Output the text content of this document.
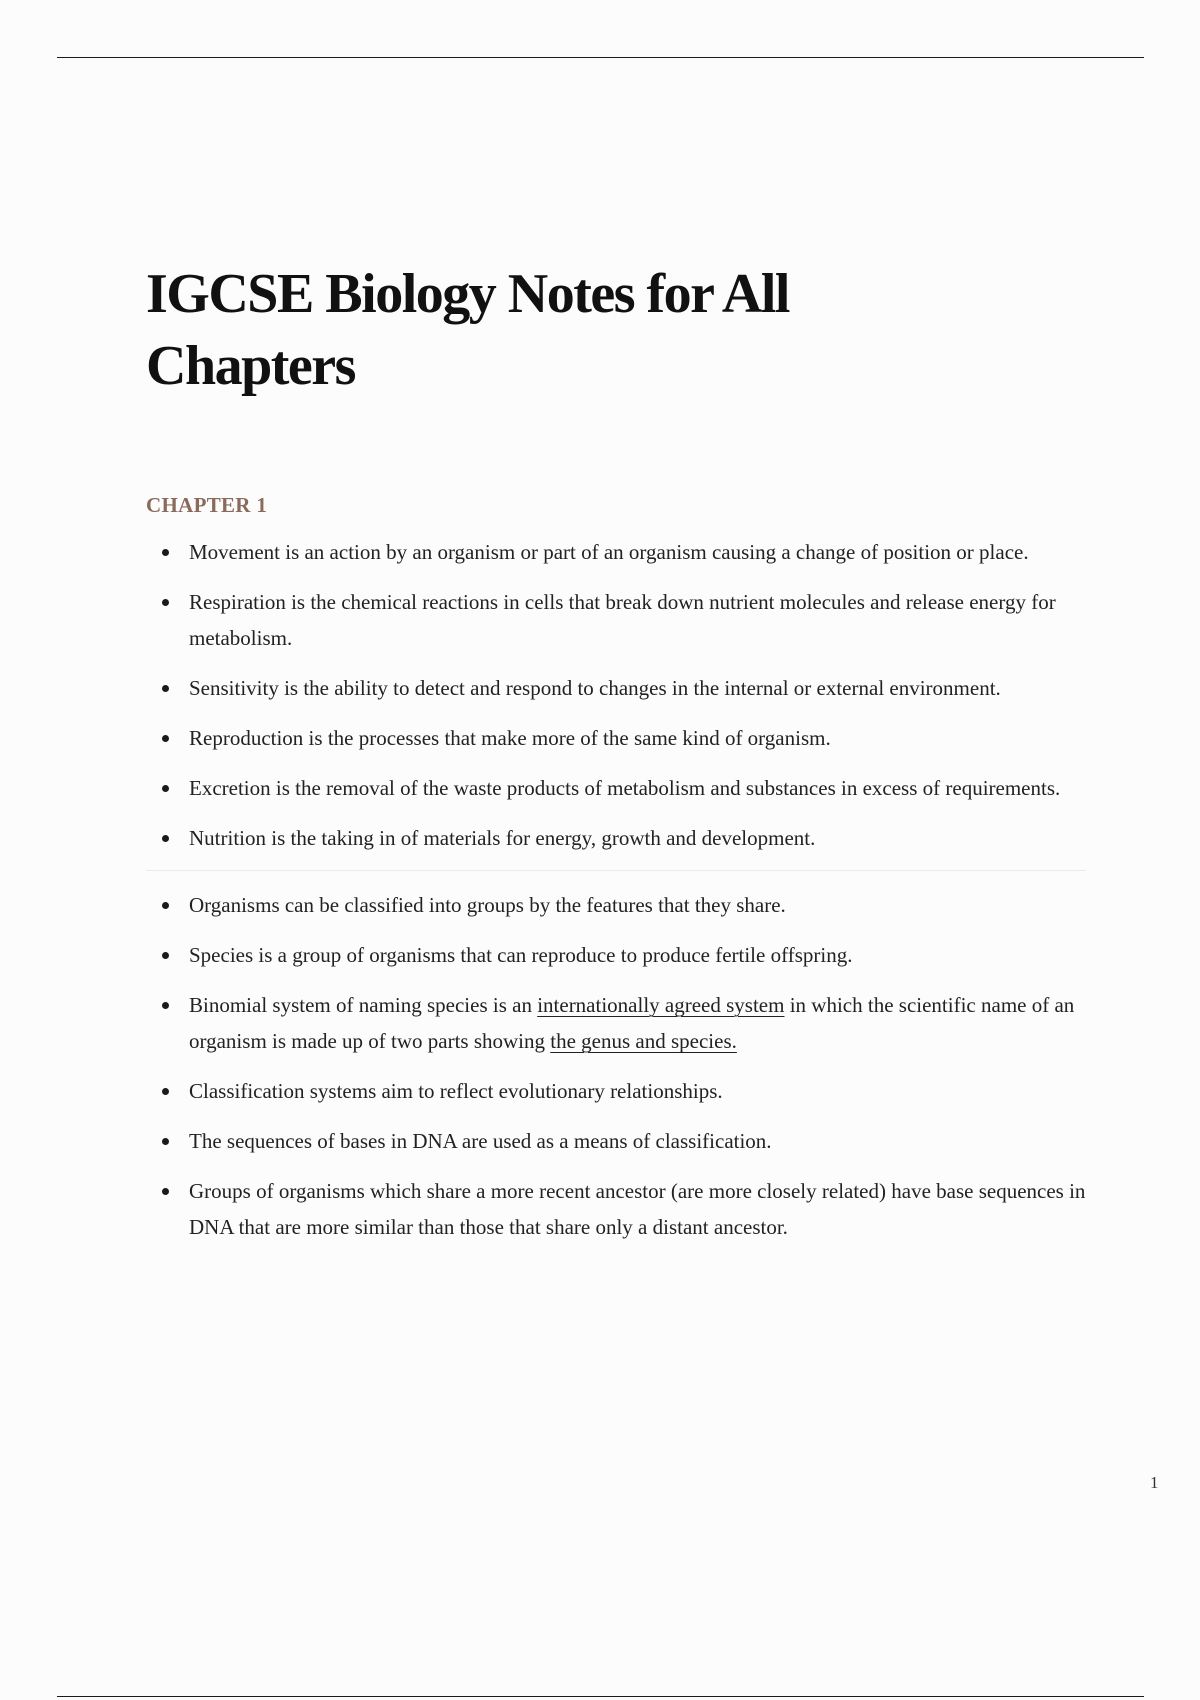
IGCSE Biology Notes for All Chapters
CHAPTER 1
Movement is an action by an organism or part of an organism causing a change of position or place.
Respiration is the chemical reactions in cells that break down nutrient molecules and release energy for metabolism.
Sensitivity is the ability to detect and respond to changes in the internal or external environment.
Reproduction is the processes that make more of the same kind of organism.
Excretion is the removal of the waste products of metabolism and substances in excess of requirements.
Nutrition is the taking in of materials for energy, growth and development.
Organisms can be classified into groups by the features that they share.
Species is a group of organisms that can reproduce to produce fertile offspring.
Binomial system of naming species is an internationally agreed system in which the scientific name of an organism is made up of two parts showing the genus and species.
Classification systems aim to reflect evolutionary relationships.
The sequences of bases in DNA are used as a means of classification.
Groups of organisms which share a more recent ancestor (are more closely related) have base sequences in DNA that are more similar than those that share only a distant ancestor.
1
